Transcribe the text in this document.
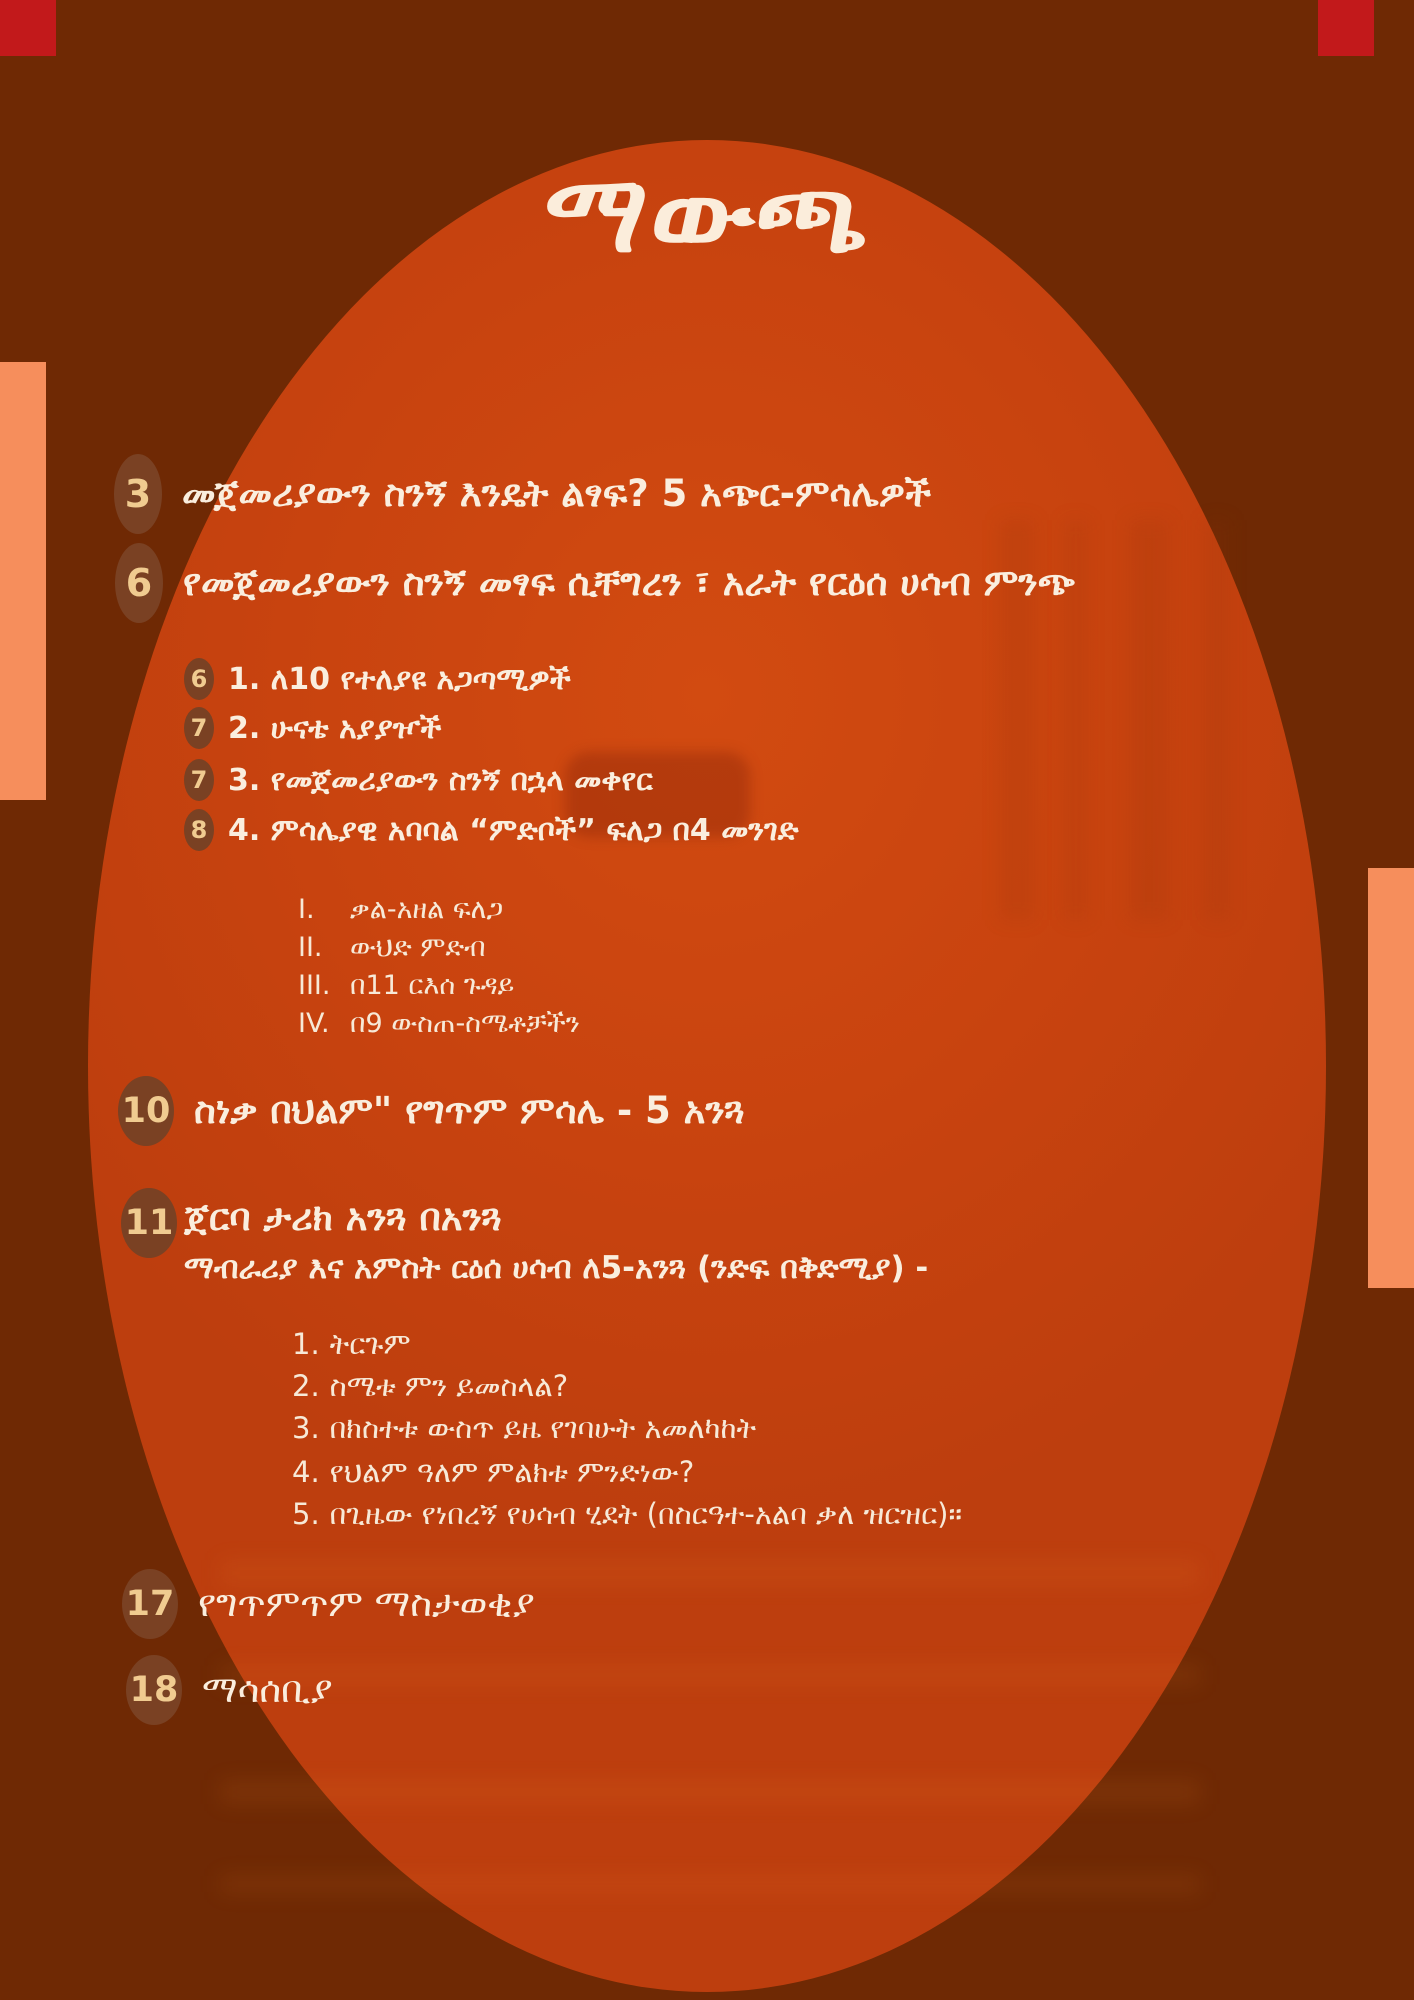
ማውጫ
3 መጀመሪያውን ስንኝ እንዴት ልፃፍ? 5 አጭር-ምሳሌዎች
6 የመጀመሪያውን ስንኝ መፃፍ ሲቸግረን ፣ አራት የርዕሰ ሀሳብ ምንጭ
6 1. ለ10 የተለያዩ አጋጣሚዎች
7 2. ሁናቴ አያያዦች
7 3. የመጀመሪያውን ስንኝ በኋላ መቀየር
8 4. ምሳሌያዊ አባባል “ምድቦች” ፍለጋ በ4 መንገድ
I.	ቃል-አዘል ፍለጋ
II.	ውህድ ምድብ
III. በ11 ርእሰ ጉዳይ
IV. በ9 ውስጠ-ስሜቶቻችን
10 ስነቃ በህልም" የግጥም ምሳሌ - 5 አንጓ
11 ጀርባ ታሪክ አንጓ በአንጓ
ማብራሪያ እና አምስት ርዕሰ ሀሳብ ለ5-አንጓ (ንድፍ በቅድሚያ) -
1. ትርጉም
2. ስሜቱ ምን ይመስላል?
3. በክስተቱ ውስጥ ይዜ የገባሁት አመለካከት
4. የህልም ዓለም ምልክቱ ምንድነው?
5. በጊዜው የነበረኝ የሀሳብ ሂደት (በስርዓተ-አልባ ቃለ ዝርዝር)።
17 የግጥምጥም ማስታወቂያ
18 ማሳሰቢያ
